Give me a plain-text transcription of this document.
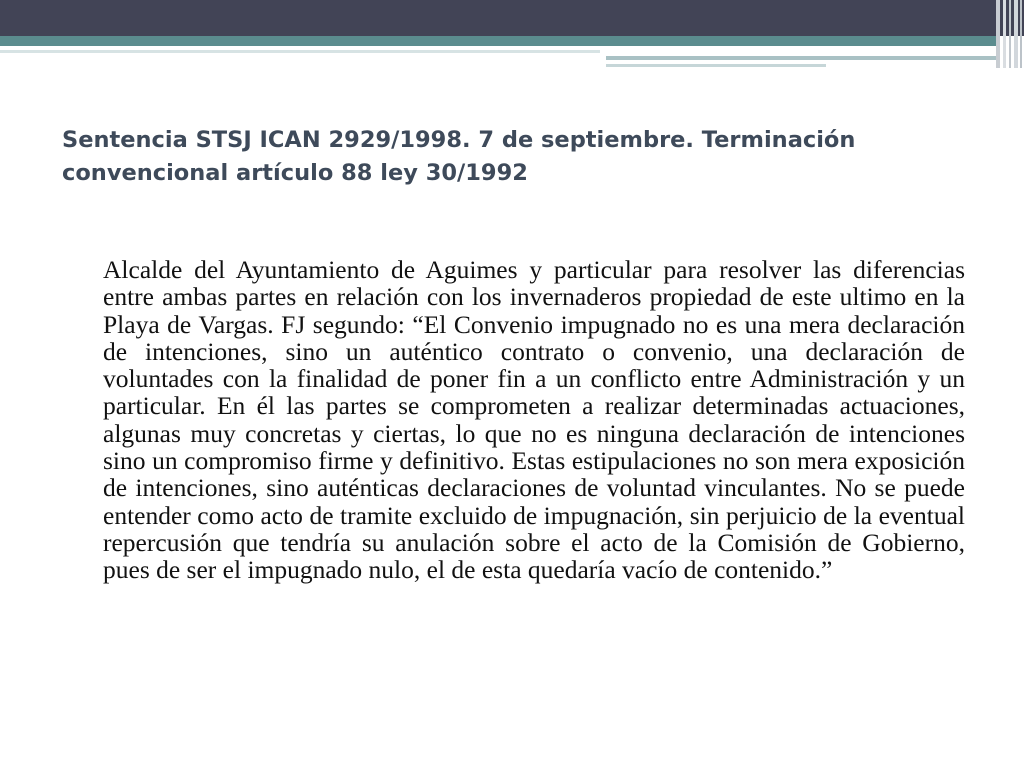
Sentencia STSJ ICAN 2929/1998. 7 de septiembre. Terminación convencional artículo 88 ley 30/1992

Alcalde del Ayuntamiento de Aguimes y particular para resolver las diferencias entre ambas partes en relación con los invernaderos propiedad de este ultimo en la Playa de Vargas. FJ segundo: “El Convenio impugnado no es una mera declaración de intenciones, sino un auténtico contrato o convenio, una declaración de voluntades con la finalidad de poner fin a un conflicto entre Administración y un particular. En él las partes se comprometen a realizar determinadas actuaciones, algunas muy concretas y ciertas, lo que no es ninguna declaración de intenciones sino un compromiso firme y definitivo. Estas estipulaciones no son mera exposición de intenciones, sino auténticas declaraciones de voluntad vinculantes. No se puede entender como acto de tramite excluido de impugnación, sin perjuicio de la eventual repercusión que tendría su anulación sobre el acto de la Comisión de Gobierno, pues de ser el impugnado nulo, el de esta quedaría vacío de contenido.”
